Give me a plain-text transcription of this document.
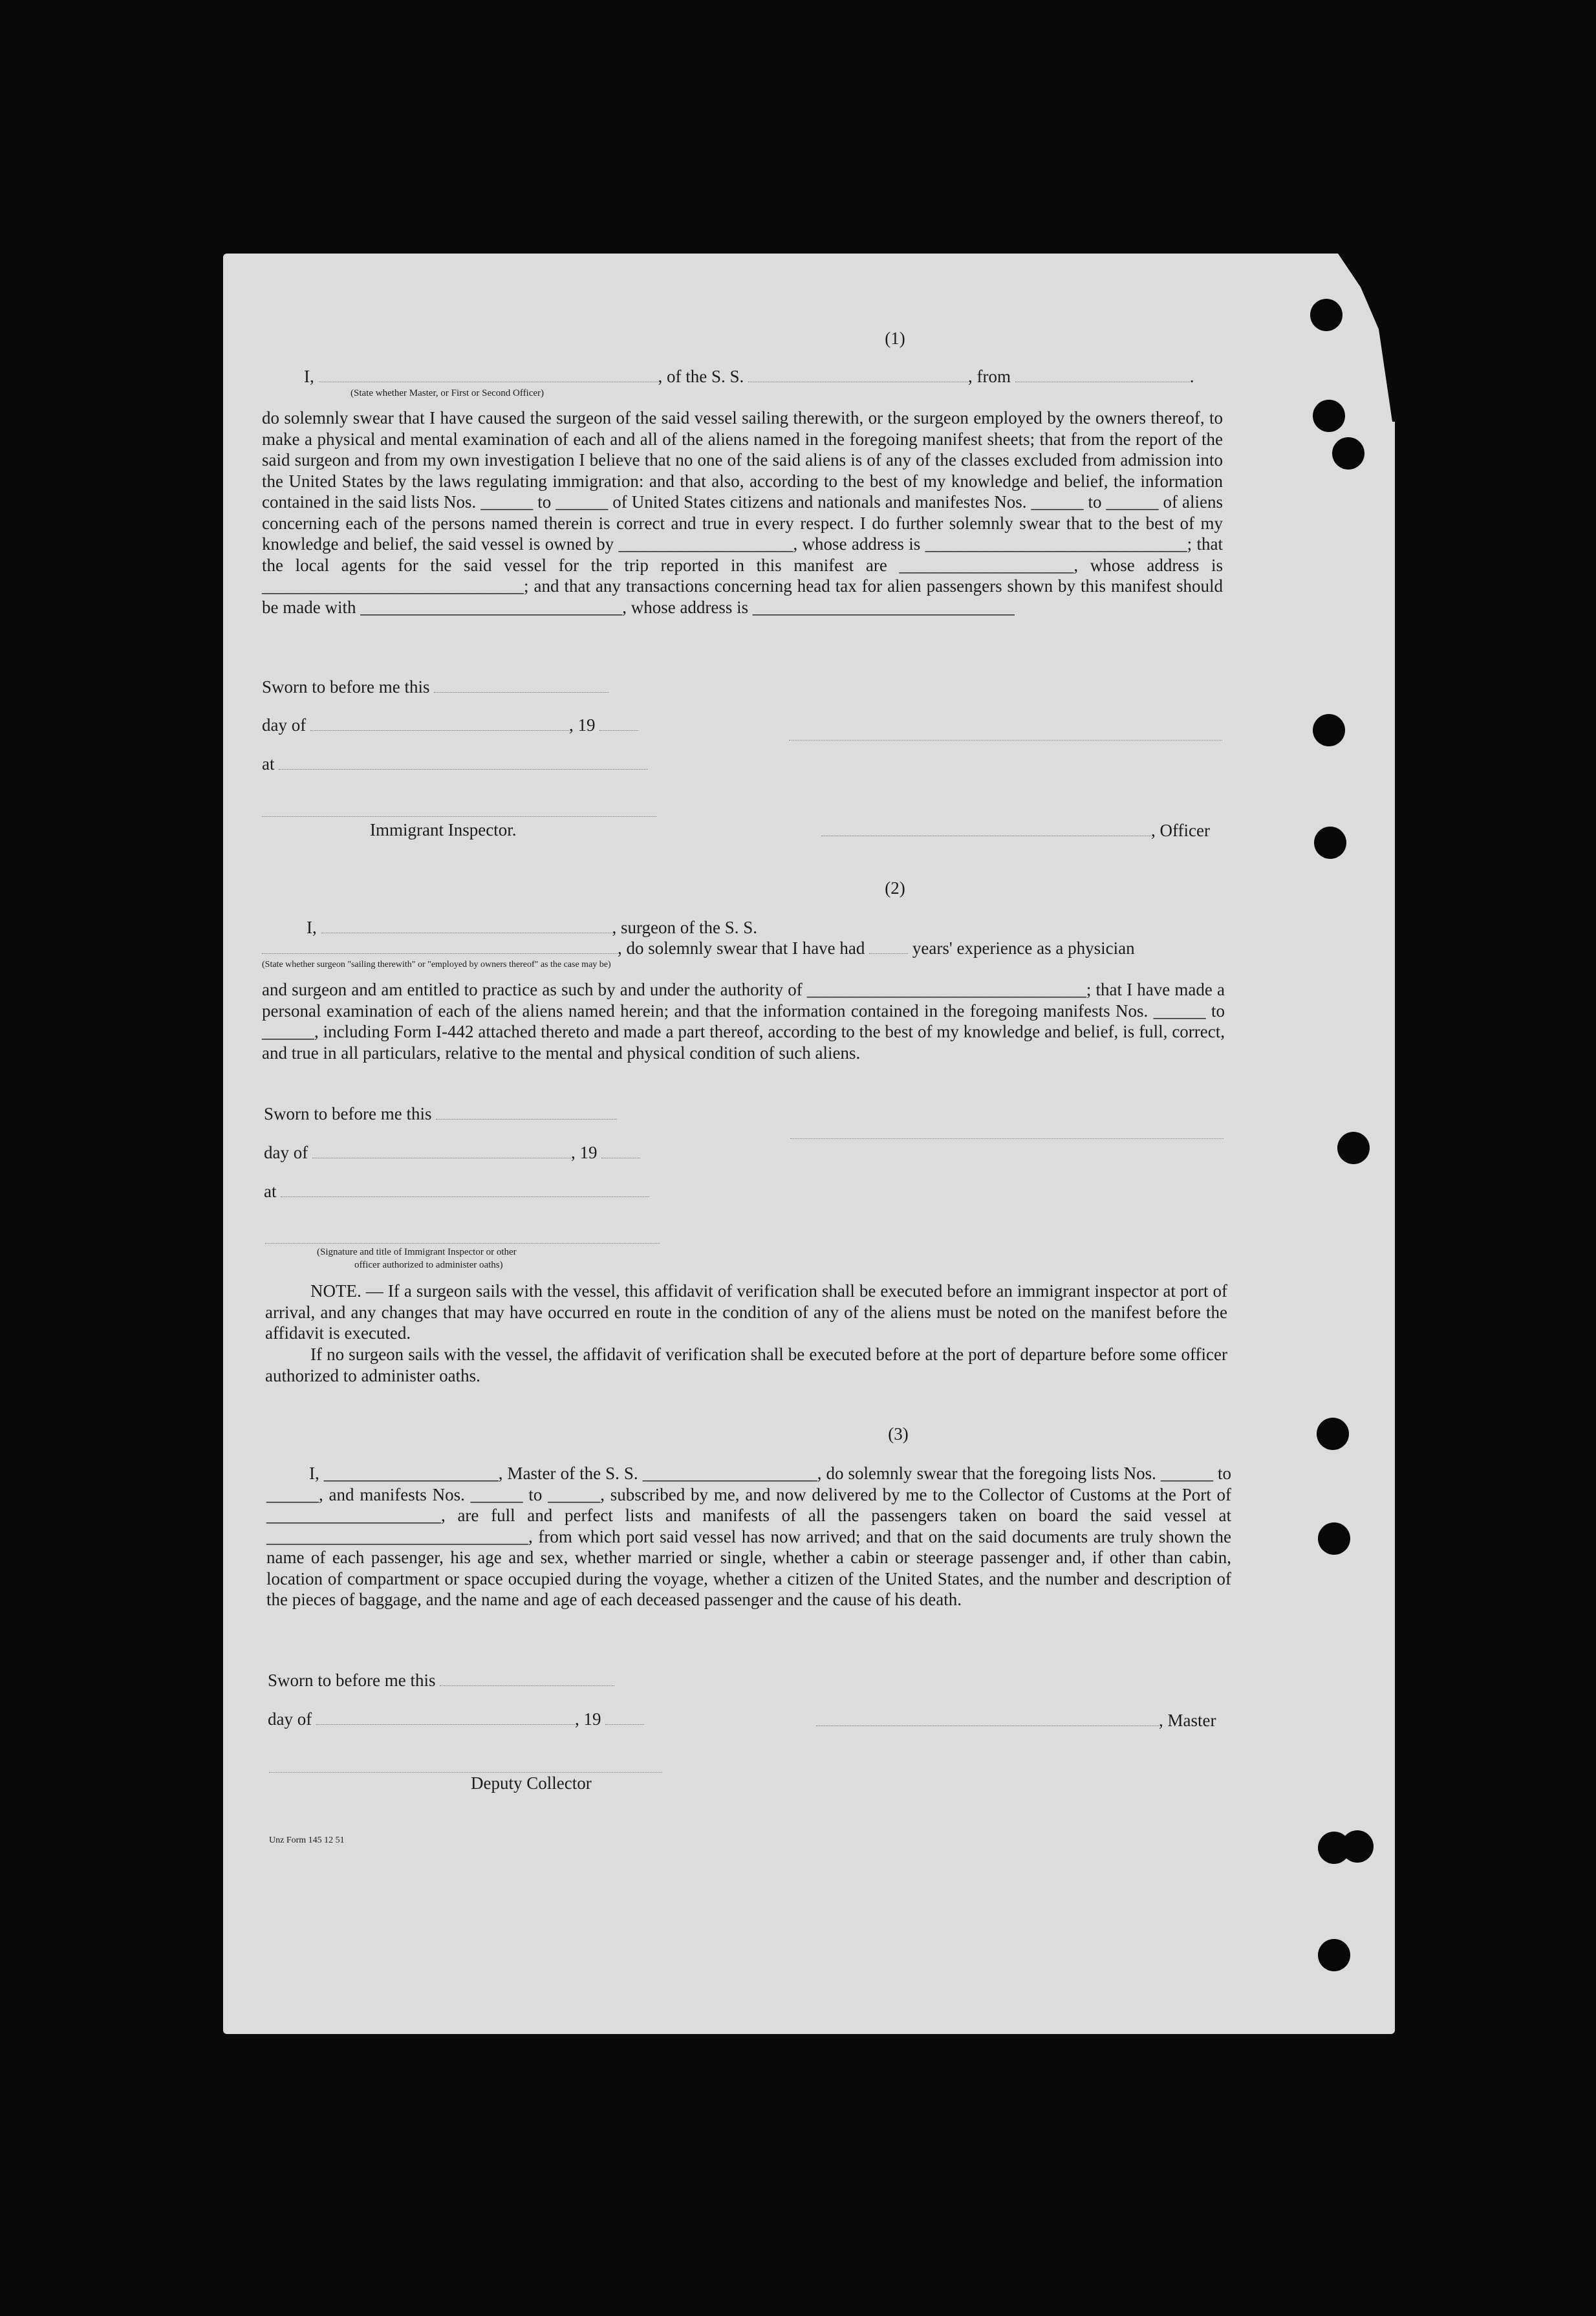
(1)
I,	, of the S. S.	, from	.
(State whether Master, or First or Second Officer)
do solemnly swear that I have caused the surgeon of the said vessel sailing therewith, or the surgeon employed by the owners thereof, to make a physical and mental examination of each and all of the aliens named in the foregoing manifest sheets; that from the report of the said surgeon and from my own investigation I believe that no one of the said aliens is of any of the classes excluded from admission into the United States by the laws regulating immigration: and that also, according to the best of my knowledge and belief, the information contained in the said lists Nos. ______ to ______ of United States citizens and nationals and manifestes Nos. ______ to ______ of aliens concerning each of the persons named therein is correct and true in every respect. I do further solemnly swear that to the best of my knowledge and belief, the said vessel is owned by ____________________, whose address is ______________________________; that the local agents for the said vessel for the trip reported in this manifest are ____________________, whose address is ______________________________; and that any transactions concerning head tax for alien passengers shown by this manifest should be made with ______________________________, whose address is ______________________________
Sworn to before me this
day of	, 19
at
Immigrant Inspector.	, Officer
(2)
I,	, surgeon of the S. S.
, do solemnly swear that I have had	years' experience as a physician
(State whether surgeon "sailing therewith" or "employed by owners thereof" as the case may be)
and surgeon and am entitled to practice as such by and under the authority of ________________________________; that I have made a personal examination of each of the aliens named herein; and that the information contained in the foregoing manifests Nos. ______ to ______, including Form I-442 attached thereto and made a part thereof, according to the best of my knowledge and belief, is full, correct, and true in all particulars, relative to the mental and physical condition of such aliens.
Sworn to before me this
day of	, 19
at
(Signature and title of Immigrant Inspector or other
officer authorized to administer oaths)
NOTE. — If a surgeon sails with the vessel, this affidavit of verification shall be executed before an immigrant inspector at port of arrival, and any changes that may have occurred en route in the condition of any of the aliens must be noted on the manifest before the affidavit is executed.
If no surgeon sails with the vessel, the affidavit of verification shall be executed before at the port of departure before some officer authorized to administer oaths.
(3)
I, ____________________, Master of the S. S. ____________________, do solemnly swear that the foregoing lists Nos. ______ to ______, and manifests Nos. ______ to ______, subscribed by me, and now delivered by me to the Collector of Customs at the Port of ____________________, are full and perfect lists and manifests of all the passengers taken on board the said vessel at ______________________________, from which port said vessel has now arrived; and that on the said documents are truly shown the name of each passenger, his age and sex, whether married or single, whether a cabin or steerage passenger and, if other than cabin, location of compartment or space occupied during the voyage, whether a citizen of the United States, and the number and description of the pieces of baggage, and the name and age of each deceased passenger and the cause of his death.
Sworn to before me this
day of	, 19	, Master
Deputy Collector
Unz Form 145 12 51
